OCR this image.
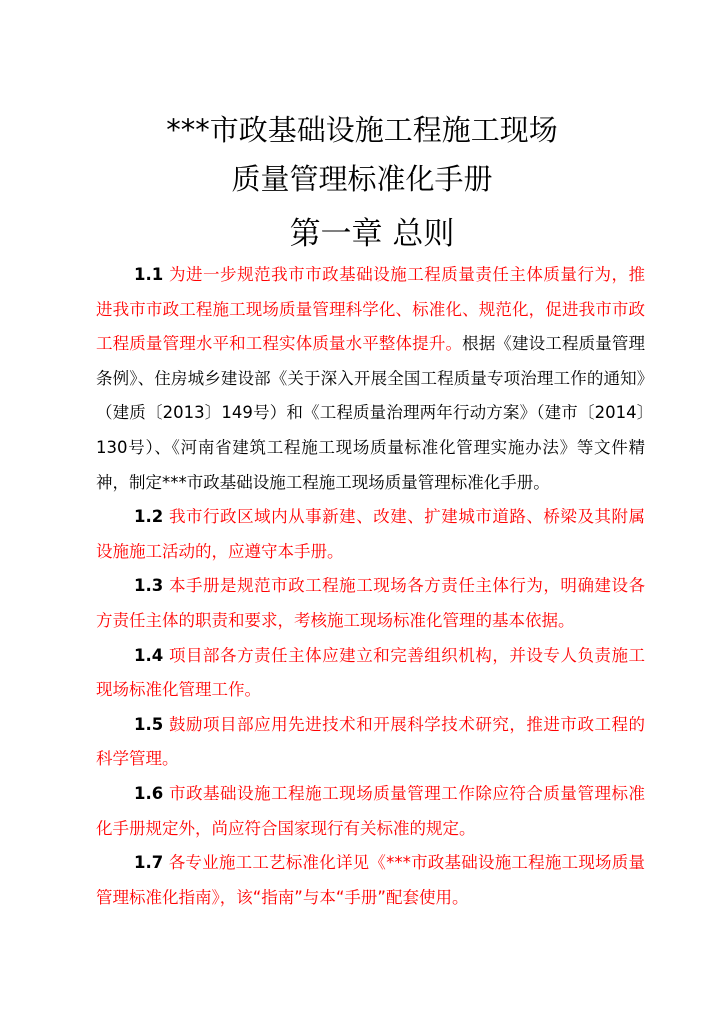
***市政基础设施工程施工现场
质量管理标准化手册
第一章 总则

1.1 为进一步规范我市市政基础设施工程质量责任主体质量行为，推进我市市政工程施工现场质量管理科学化、标准化、规范化，促进我市市政工程质量管理水平和工程实体质量水平整体提升。根据《建设工程质量管理条例》、住房城乡建设部《关于深入开展全国工程质量专项治理工作的通知》（建质〔2013〕149号）和《工程质量治理两年行动方案》（建市〔2014〕130号）、《河南省建筑工程施工现场质量标准化管理实施办法》等文件精神，制定***市政基础设施工程施工现场质量管理标准化手册。

1.2 我市行政区域内从事新建、改建、扩建城市道路、桥梁及其附属设施施工活动的，应遵守本手册。

1.3 本手册是规范市政工程施工现场各方责任主体行为，明确建设各方责任主体的职责和要求，考核施工现场标准化管理的基本依据。

1.4 项目部各方责任主体应建立和完善组织机构，并设专人负责施工现场标准化管理工作。

1.5 鼓励项目部应用先进技术和开展科学技术研究，推进市政工程的科学管理。

1.6 市政基础设施工程施工现场质量管理工作除应符合质量管理标准化手册规定外，尚应符合国家现行有关标准的规定。

1.7 各专业施工工艺标准化详见《***市政基础设施工程施工现场质量管理标准化指南》，该“指南”与本“手册”配套使用。
